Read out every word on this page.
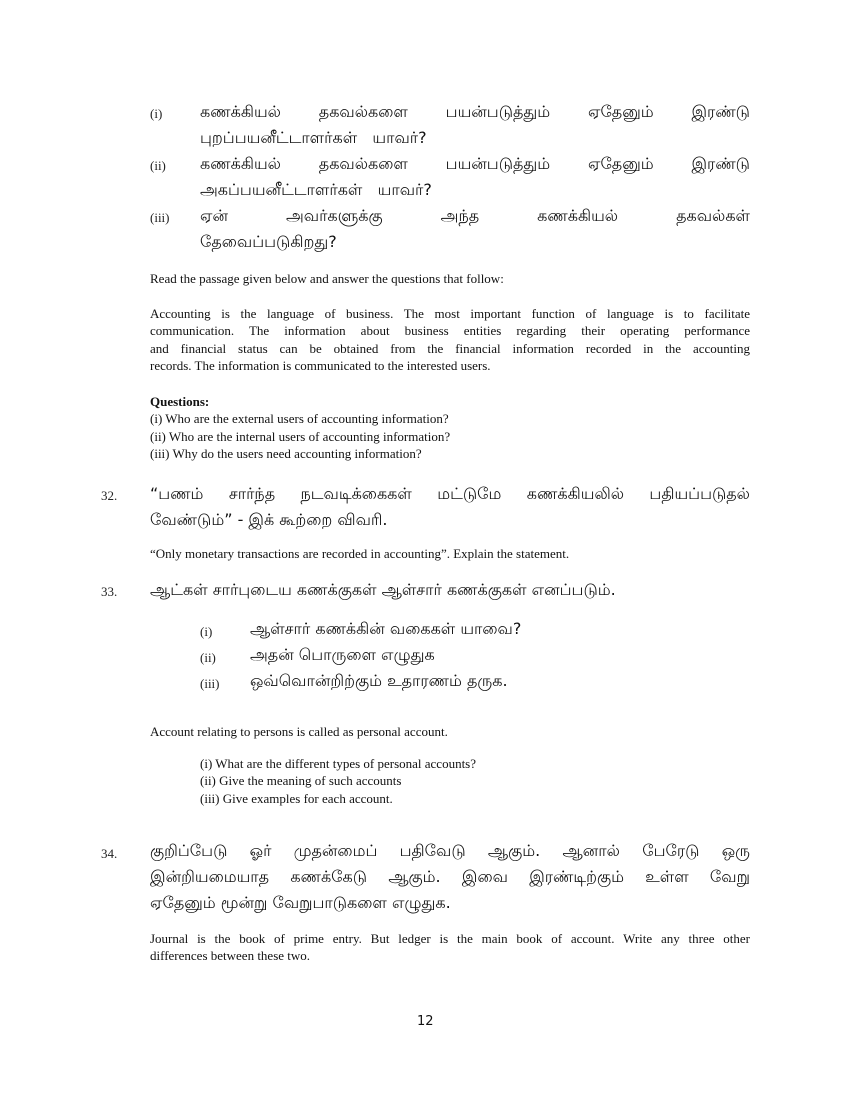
(i) கணக்கியல் தகவல்களை பயன்படுத்தும் ஏதேனும் இரண்டு
புறப்பயனீட்டாளர்கள்   யாவர்?
(ii) கணக்கியல் தகவல்களை பயன்படுத்தும் ஏதேனும் இரண்டு
அகப்பயனீட்டாளர்கள்   யாவர்?
(iii) ஏன்	அவர்களுக்கு	அந்த	கணக்கியல்	தகவல்கள்
தேவைப்படுகிறது?
Read the passage given below and answer the questions that follow:
Accounting is the language of business. The most important function of language is to facilitate
communication. The information about business entities regarding their operating performance
and financial status can be obtained from the financial information recorded in the accounting
records. The information is communicated to the interested users.
Questions:
(i) Who are the external users of accounting information?
(ii) Who are the internal users of accounting information?
(iii) Why do the users need accounting information?
32. “பணம் சார்ந்த நடவடிக்கைகள் மட்டுமே கணக்கியலில் பதியப்படுதல்
வேண்டும்” - இக் கூற்றை விவரி.
“Only monetary transactions are recorded in accounting”. Explain the statement.
33. ஆட்கள் சார்புடைய கணக்குகள் ஆள்சார் கணக்குகள் எனப்படும்.
(i) ஆள்சார் கணக்கின் வகைகள் யாவை?
(ii) அதன் பொருளை எழுதுக
(iii) ஒவ்வொன்றிற்கும் உதாரணம் தருக.
Account relating to persons is called as personal account.
(i) What are the different types of personal accounts?
(ii) Give the meaning of such accounts
(iii) Give examples for each account.
34. குறிப்பேடு ஓர் முதன்மைப் பதிவேடு ஆகும். ஆனால் பேரேடு ஒரு
இன்றியமையாத கணக்கேடு ஆகும். இவை இரண்டிற்கும் உள்ள வேறு
ஏதேனும் மூன்று வேறுபாடுகளை எழுதுக.
Journal is the book of prime entry. But ledger is the main book of account. Write any three other
differences between these two.
12
